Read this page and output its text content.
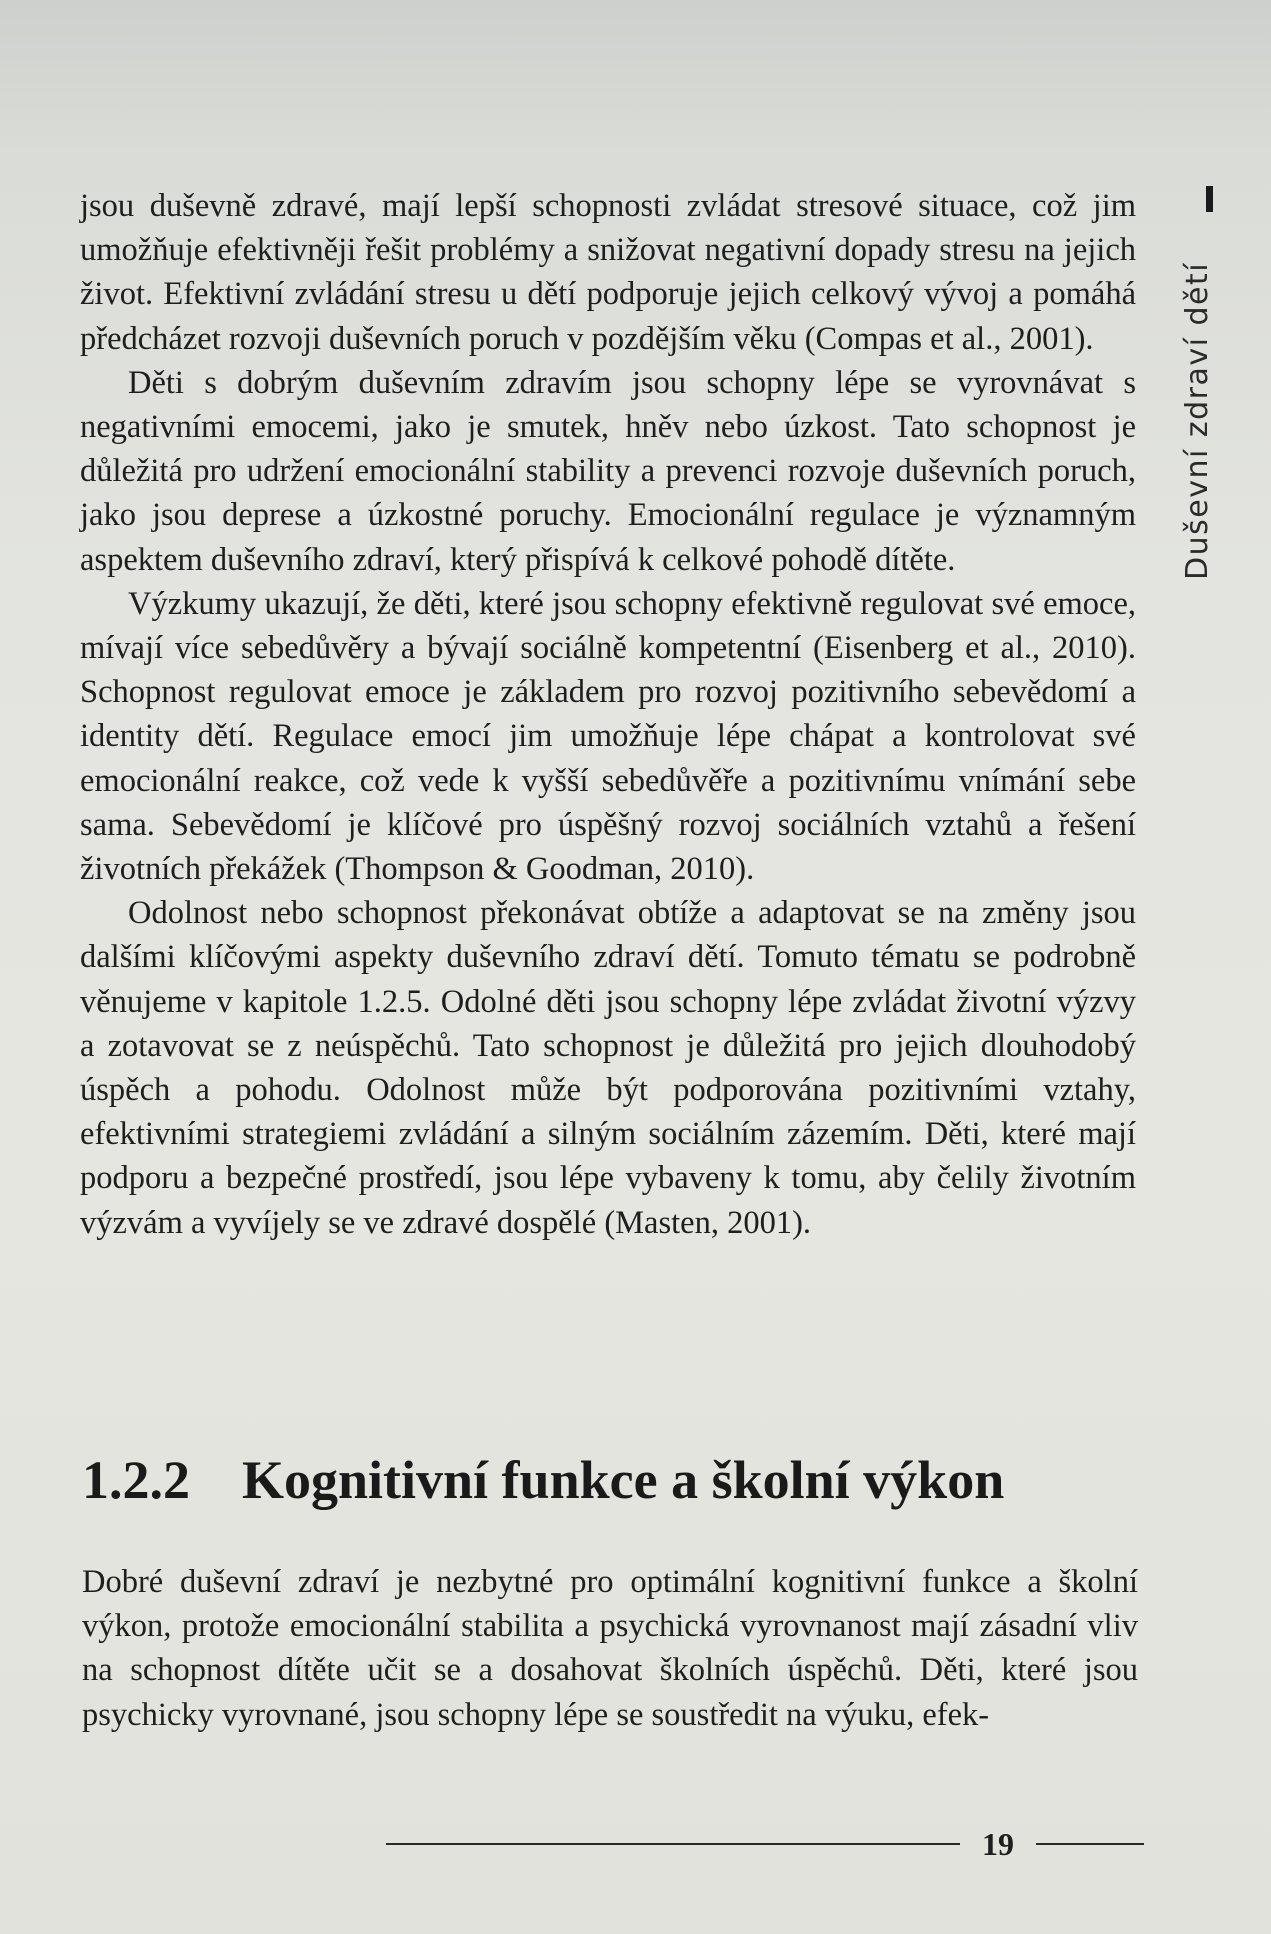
Duševní zdraví dětí

jsou duševně zdravé, mají lepší schopnosti zvládat stresové situace, což jim umožňuje efektivněji řešit problémy a snižovat negativní dopady stresu na jejich život. Efektivní zvládání stresu u dětí podporuje jejich celkový vývoj a pomáhá předcházet rozvoji duševních poruch v pozdějším věku (Compas et al., 2001).

Děti s dobrým duševním zdravím jsou schopny lépe se vyrovnávat s negativními emocemi, jako je smutek, hněv nebo úzkost. Tato schopnost je důležitá pro udržení emocionální stability a prevenci rozvoje duševních poruch, jako jsou deprese a úzkostné poruchy. Emocionální regulace je významným aspektem duševního zdraví, který přispívá k celkové pohodě dítěte.

Výzkumy ukazují, že děti, které jsou schopny efektivně regulovat své emoce, mívají více sebedůvěry a bývají sociálně kompetentní (Eisenberg et al., 2010). Schopnost regulovat emoce je základem pro rozvoj pozitivního sebevědomí a identity dětí. Regulace emocí jim umožňuje lépe chápat a kontrolovat své emocionální reakce, což vede k vyšší sebedůvěře a pozitivnímu vnímání sebe sama. Sebevědomí je klíčové pro úspěšný rozvoj sociálních vztahů a řešení životních překážek (Thompson & Goodman, 2010).

Odolnost nebo schopnost překonávat obtíže a adaptovat se na změny jsou dalšími klíčovými aspekty duševního zdraví dětí. Tomuto tématu se podrobně věnujeme v kapitole 1.2.5. Odolné děti jsou schopny lépe zvládat životní výzvy a zotavovat se z neúspěchů. Tato schopnost je důležitá pro jejich dlouhodobý úspěch a pohodu. Odolnost může být podporována pozitivními vztahy, efektivními strategiemi zvládání a silným sociálním zázemím. Děti, které mají podporu a bezpečné prostředí, jsou lépe vybaveny k tomu, aby čelily životním výzvám a vyvíjely se ve zdravé dospělé (Masten, 2001).

1.2.2 Kognitivní funkce a školní výkon

Dobré duševní zdraví je nezbytné pro optimální kognitivní funkce a školní výkon, protože emocionální stabilita a psychická vyrovnanost mají zásadní vliv na schopnost dítěte učit se a dosahovat školních úspěchů. Děti, které jsou psychicky vyrovnané, jsou schopny lépe se soustředit na výuku, efek-

19
